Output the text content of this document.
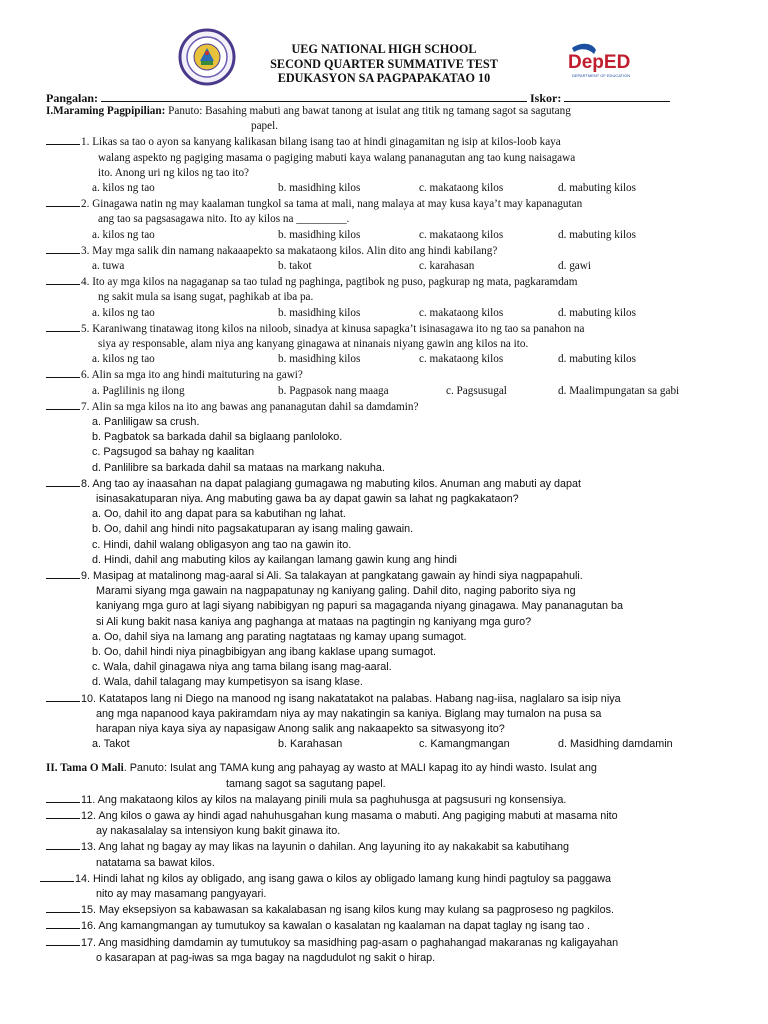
DepED
DEPARTMENT OF EDUCATION
UEG NATIONAL HIGH SCHOOL
SECOND QUARTER SUMMATIVE TEST
EDUKASYON SA PAGPAPAKATAO 10
Pangalan:	Iskor:
I.Maraming Pagpipilian: Panuto: Basahing mabuti ang bawat tanong at isulat ang titik ng tamang sagot sa sagutang
papel.
1. Likas sa tao o ayon sa kanyang kalikasan bilang isang tao at hindi ginagamitan ng isip at kilos-loob kaya
walang aspekto ng pagiging masama o pagiging mabuti kaya walang pananagutan ang tao kung naisagawa
ito. Anong uri ng kilos ng tao ito?
a. kilos ng tao	b. masidhing kilos	c. makataong kilos	d. mabuting kilos
2. Ginagawa natin ng may kaalaman tungkol sa tama at mali, nang malaya at may kusa kaya’t may kapanagutan
ang tao sa pagsasagawa nito. Ito ay kilos na _________.
a. kilos ng tao	b. masidhing kilos	c. makataong kilos	d. mabuting kilos
3. May mga salik din namang nakaaapekto sa makataong kilos. Alin dito ang hindi kabilang?
a. tuwa	b. takot	c. karahasan	d. gawi
4. Ito ay mga kilos na nagaganap sa tao tulad ng paghinga, pagtibok ng puso, pagkurap ng mata, pagkaramdam
ng sakit mula sa isang sugat, paghikab at iba pa.
a. kilos ng tao	b. masidhing kilos	c. makataong kilos	d. mabuting kilos
5. Karaniwang tinatawag itong kilos na niloob, sinadya at kinusa sapagka’t isinasagawa ito ng tao sa panahon na
siya ay responsable, alam niya ang kanyang ginagawa at ninanais niyang gawin ang kilos na ito.
a. kilos ng tao	b. masidhing kilos	c. makataong kilos	d. mabuting kilos
6. Alin sa mga ito ang hindi maituturing na gawi?
a. Paglilinis ng ilong	b. Pagpasok nang maaga	c. Pagsusugal	d. Maalimpungatan sa gabi
7. Alin sa mga kilos na ito ang bawas ang pananagutan dahil sa damdamin?
a. Panliligaw sa crush.
b. Pagbatok sa barkada dahil sa biglaang panloloko.
c. Pagsugod sa bahay ng kaalitan
d. Panlilibre sa barkada dahil sa mataas na markang nakuha.
8. Ang tao ay inaasahan na dapat palagiang gumagawa ng mabuting kilos. Anuman ang mabuti ay dapat
isinasakatuparan niya. Ang mabuting gawa ba ay dapat gawin sa lahat ng pagkakataon?
a. Oo, dahil ito ang dapat para sa kabutihan ng lahat.
b. Oo, dahil ang hindi nito pagsakatuparan ay isang maling gawain.
c. Hindi, dahil walang obligasyon ang tao na gawin ito.
d. Hindi, dahil ang mabuting kilos ay kailangan lamang gawin kung ang hindi
9. Masipag at matalinong mag-aaral si Ali. Sa talakayan at pangkatang gawain ay hindi siya nagpapahuli.
Marami siyang mga gawain na nagpapatunay ng kaniyang galing. Dahil dito, naging paborito siya ng
kaniyang mga guro at lagi siyang nabibigyan ng papuri sa magaganda niyang ginagawa. May pananagutan ba
si Ali kung bakit nasa kaniya ang paghanga at mataas na pagtingin ng kaniyang mga guro?
a. Oo, dahil siya na lamang ang parating nagtataas ng kamay upang sumagot.
b. Oo, dahil hindi niya pinagbibigyan ang ibang kaklase upang sumagot.
c. Wala, dahil ginagawa niya ang tama bilang isang mag-aaral.
d. Wala, dahil talagang may kumpetisyon sa isang klase.
10. Katatapos lang ni Diego na manood ng isang nakatatakot na palabas. Habang nag-iisa, naglalaro sa isip niya
ang mga napanood kaya pakiramdam niya ay may nakatingin sa kaniya. Biglang may tumalon na pusa sa
harapan niya kaya siya ay napasigaw Anong salik ang nakaapekto sa sitwasyong ito?
a. Takot	b. Karahasan	c. Kamangmangan	d. Masidhing damdamin
II. Tama O Mali. Panuto: Isulat ang TAMA kung ang pahayag ay wasto at MALI kapag ito ay hindi wasto. Isulat ang
tamang sagot sa sagutang papel.
11. Ang makataong kilos ay kilos na malayang pinili mula sa paghuhusga at pagsusuri ng konsensiya.
12. Ang kilos o gawa ay hindi agad nahuhusgahan kung masama o mabuti. Ang pagiging mabuti at masama nito
ay nakasalalay sa intensiyon kung bakit ginawa ito.
13. Ang lahat ng bagay ay may likas na layunin o dahilan. Ang layuning ito ay nakakabit sa kabutihang
natatama sa bawat kilos.
14. Hindi lahat ng kilos ay obligado, ang isang gawa o kilos ay obligado lamang kung hindi pagtuloy sa paggawa
nito ay may masamang pangyayari.
15. May eksepsiyon sa kabawasan sa kakalabasan ng isang kilos kung may kulang sa pagproseso ng pagkilos.
16. Ang kamangmangan ay tumutukoy sa kawalan o kasalatan ng kaalaman na dapat taglay ng isang tao .
17. Ang masidhing damdamin ay tumutukoy sa masidhing pag-asam o paghahangad makaranas ng kaligayahan
o kasarapan at pag-iwas sa mga bagay na nagdudulot ng sakit o hirap.
